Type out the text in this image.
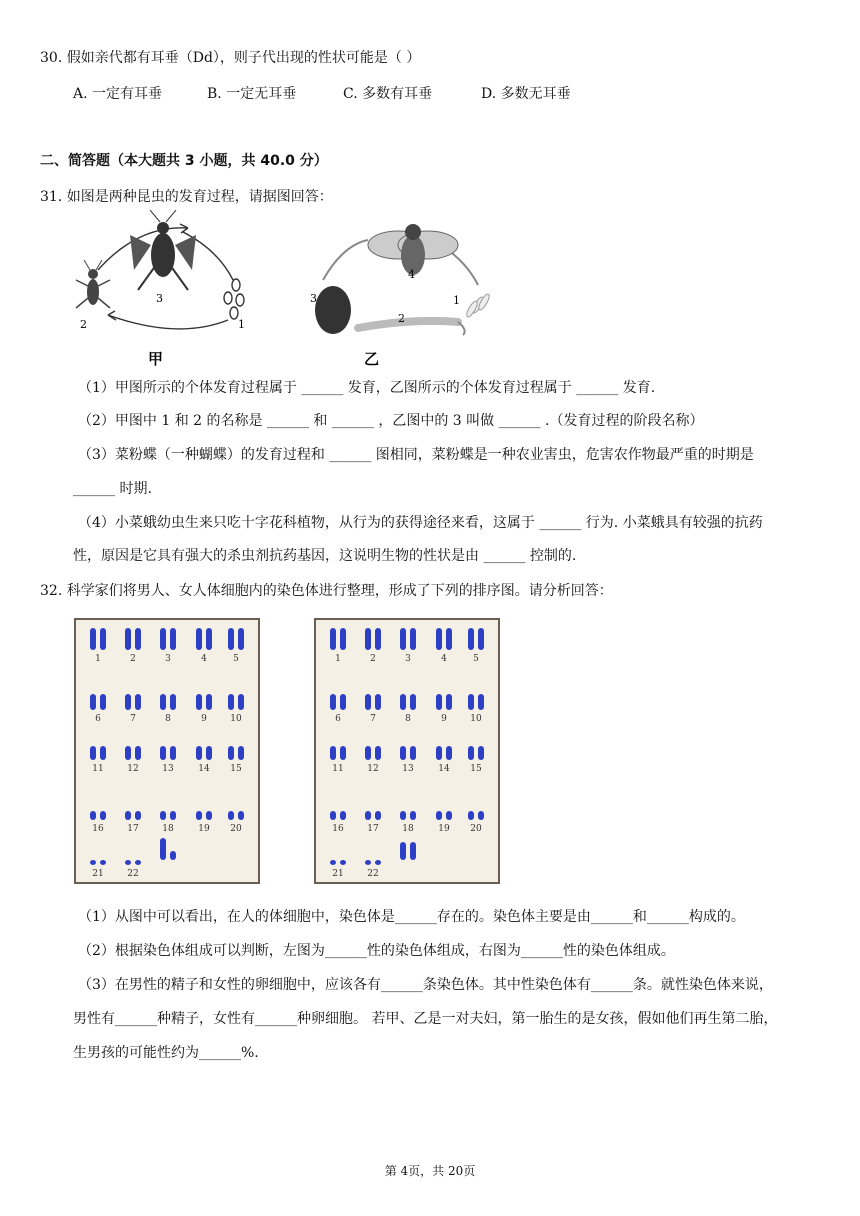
30. 假如亲代都有耳垂（Dd），则子代出现的性状可能是（ ）
A. 一定有耳垂	B. 一定无耳垂	C. 多数有耳垂	D. 多数无耳垂
二、简答题（本大题共 3 小题，共 40.0 分）
31. 如图是两种昆虫的发育过程，请据图回答：
2
3
1
3
2
4
1
甲	乙
（1）甲图所示的个体发育过程属于 ______ 发育，乙图所示的个体发育过程属于 ______ 发育.
（2）甲图中 1 和 2 的名称是 ______ 和 ______ ，乙图中的 3 叫做 ______ .（发育过程的阶段名称）
（3）菜粉蝶（一种蝴蝶）的发育过程和 ______ 图相同，菜粉蝶是一种农业害虫，危害农作物最严重的时期是
______ 时期.
（4）小菜蛾幼虫生来只吃十字花科植物，从行为的获得途径来看，这属于 ______ 行为. 小菜蛾具有较强的抗药
性，原因是它具有强大的杀虫剂抗药基因，这说明生物的性状是由 ______ 控制的.
32. 科学家们将男人、女人体细胞内的染色体进行整理，形成了下列的排序图。请分析回答：
1	2	3	4	5
6	7	8	9	10
11	12	13	14 15
16	17	18	19 20
21	22
1	2	3	4	5
6	7	8	9	10
11	12	13	14 15
16	17	18	19 20
21	22
（1）从图中可以看出，在人的体细胞中，染色体是______存在的。染色体主要是由______和______构成的。
（2）根据染色体组成可以判断，左图为______性的染色体组成，右图为______性的染色体组成。
（3）在男性的精子和女性的卵细胞中，应该各有______条染色体。其中性染色体有______条。就性染色体来说，
男性有______种精子，女性有______种卵细胞。 若甲、乙是一对夫妇，第一胎生的是女孩，假如他们再生第二胎，
生男孩的可能性约为______%.
第 4页，共 20页
